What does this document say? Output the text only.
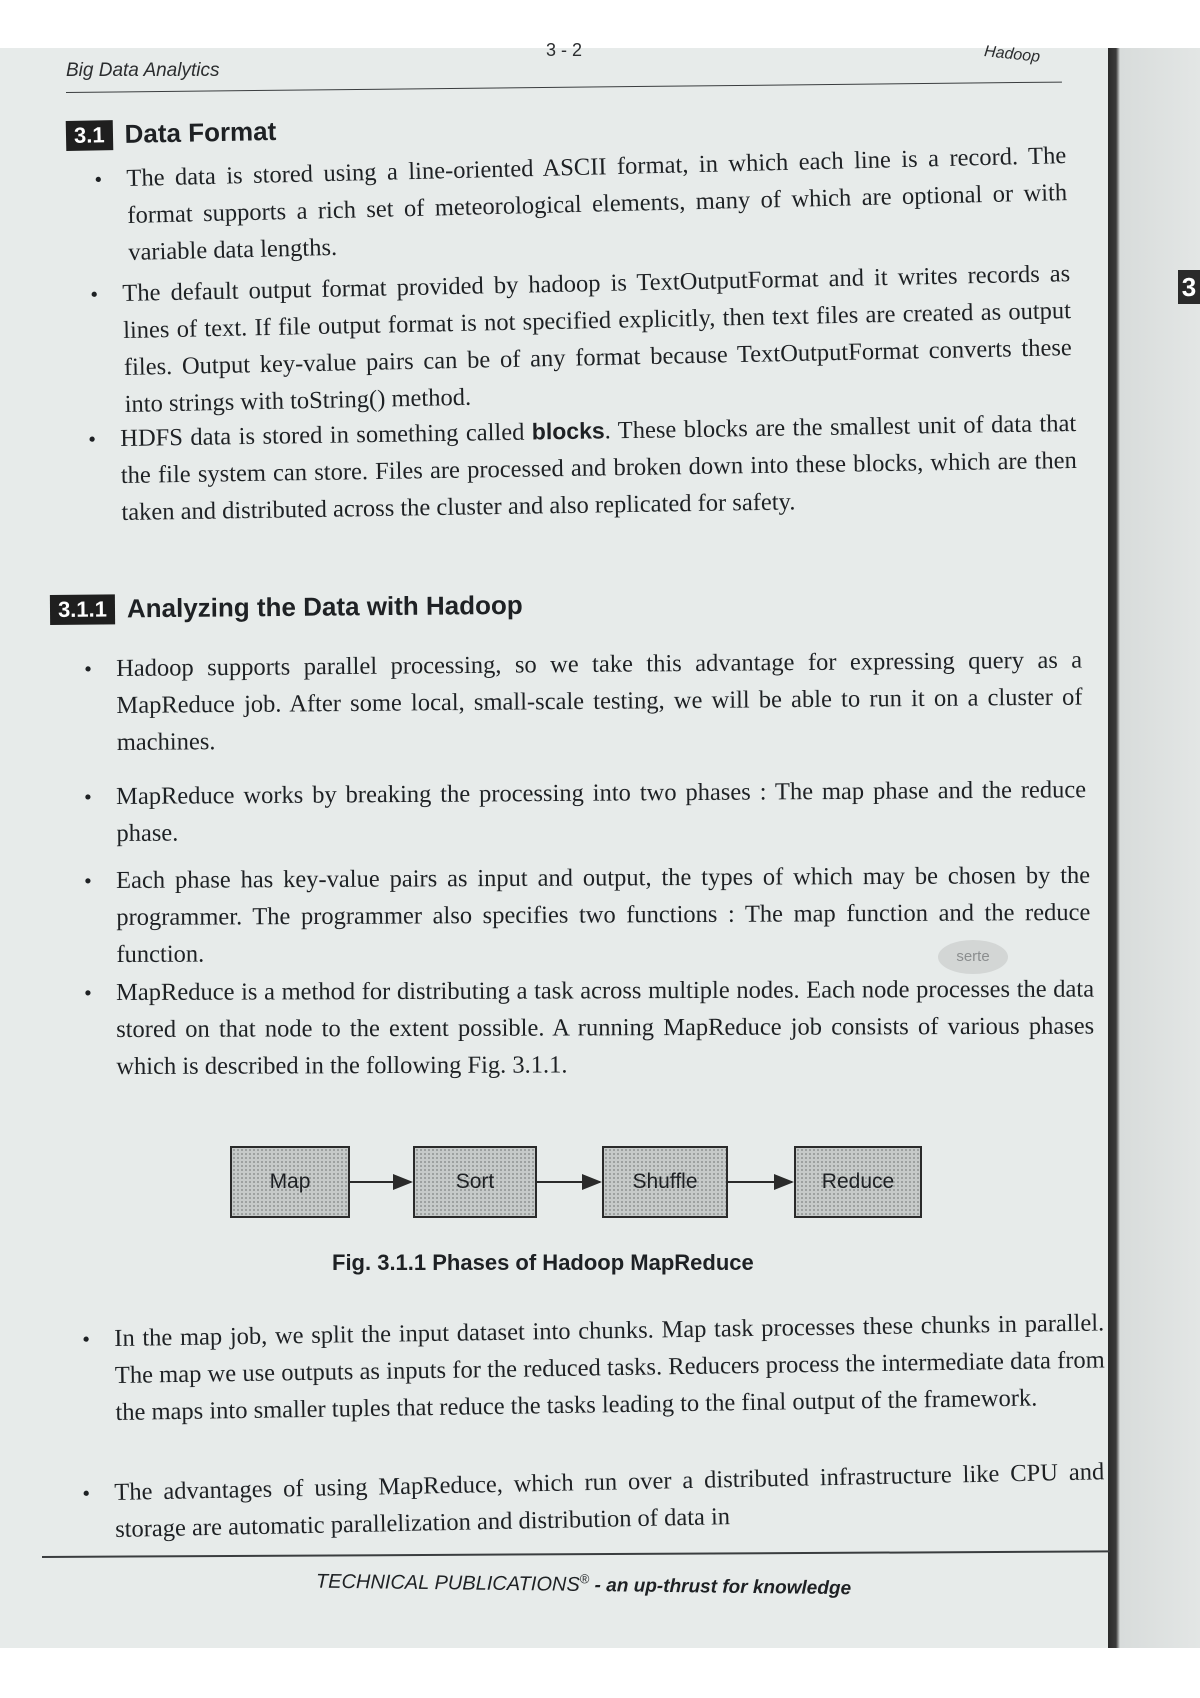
3
Big Data Analytics
3 - 2	Hadoop
3.1 Data Format
• The data is stored using a line-oriented ASCII format, in which each line is a record. The format supports a rich set of meteorological elements, many of which are optional or with variable data lengths.

• The default output format provided by hadoop is TextOutputFormat and it writes records as lines of text. If file output format is not specified explicitly, then text files are created as output files. Output key-value pairs can be of any format because TextOutputFormat converts these into strings with toString() method.

• HDFS data is stored in something called blocks. These blocks are the smallest unit of data that the file system can store. Files are processed and broken down into these blocks, which are then taken and distributed across the cluster and also replicated for safety.

3.1.1 Analyzing the Data with Hadoop
• Hadoop supports parallel processing, so we take this advantage for expressing query as a MapReduce job. After some local, small-scale testing, we will be able to run it on a cluster of machines.

• MapReduce works by breaking the processing into two phases : The map phase and the reduce phase.

• Each phase has key-value pairs as input and output, the types of which may be chosen by the programmer. The programmer also specifies two functions : The map function and the reduce function.

• MapReduce is a method for distributing a task across multiple nodes. Each node processes the data stored on that node to the extent possible. A running MapReduce job consists of various phases which is described in the following Fig. 3.1.1.

serte
Map	Sort	Shuffle	Reduce
Fig. 3.1.1 Phases of Hadoop MapReduce
• In the map job, we split the input dataset into chunks. Map task processes these chunks in parallel. The map we use outputs as inputs for the reduced tasks. Reducers process the intermediate data from the maps into smaller tuples that reduce the tasks leading to the final output of the framework.

• The advantages of using MapReduce, which run over a distributed infrastructure like CPU and storage are automatic parallelization and distribution of data in

TECHNICAL PUBLICATIONS® - an up-thrust for knowledge
